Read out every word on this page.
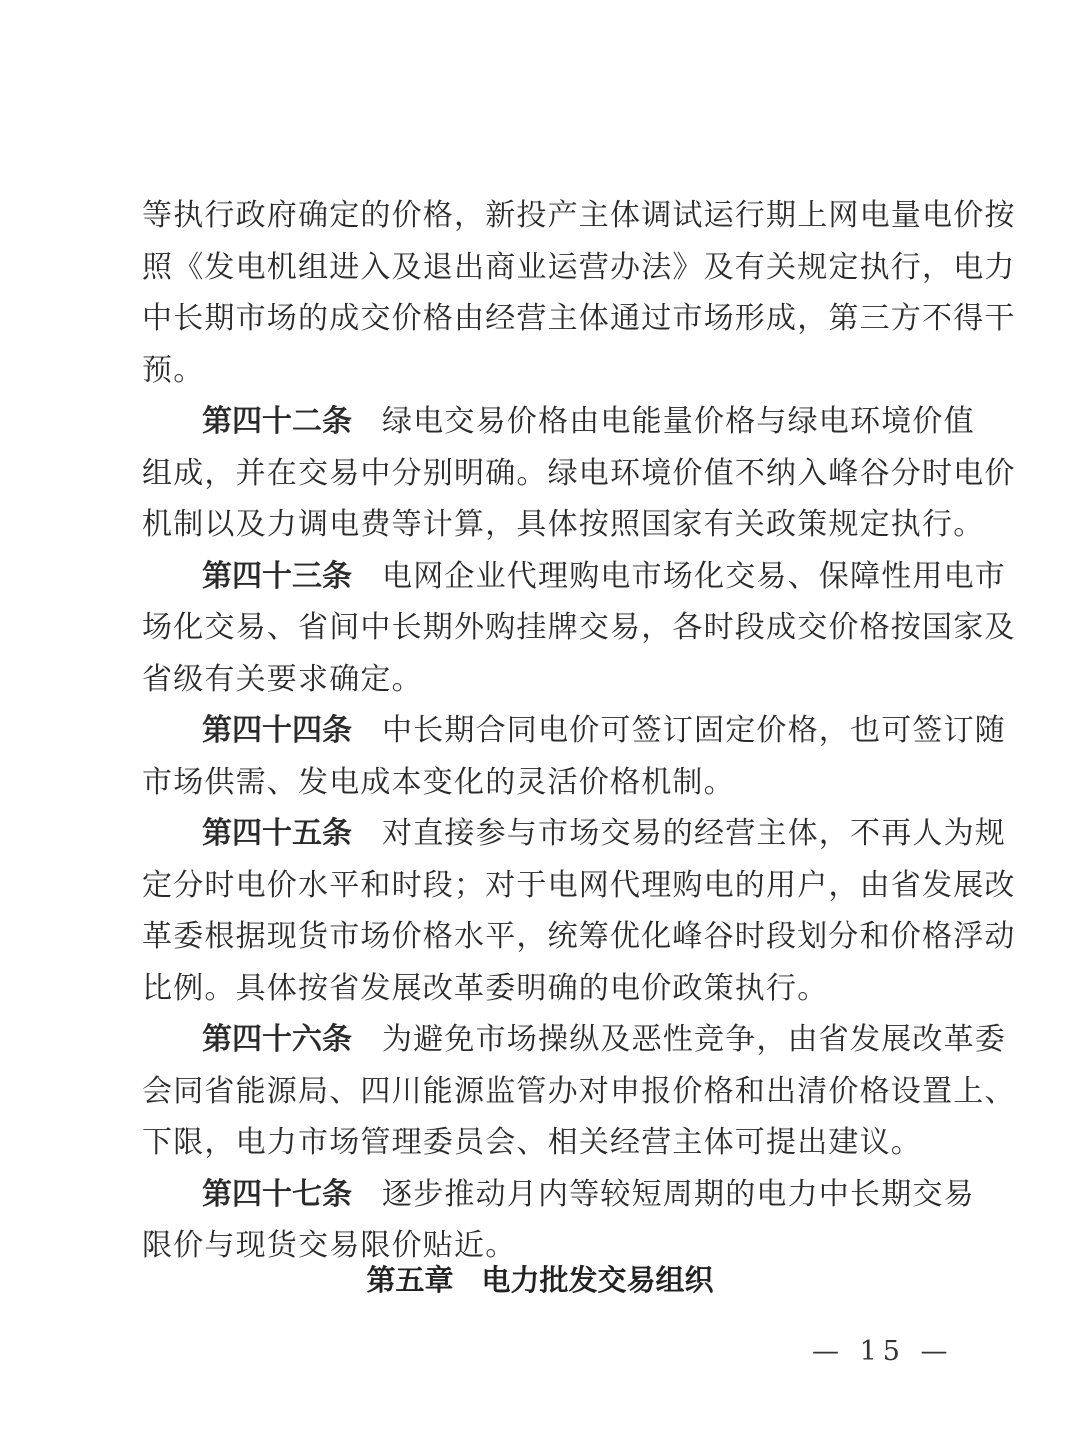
等执行政府确定的价格，新投产主体调试运行期上网电量电价按
照《发电机组进入及退出商业运营办法》及有关规定执行，电力
中长期市场的成交价格由经营主体通过市场形成，第三方不得干
预。
第四十二条 绿电交易价格由电能量价格与绿电环境价值
组成，并在交易中分别明确。绿电环境价值不纳入峰谷分时电价
机制以及力调电费等计算，具体按照国家有关政策规定执行。
第四十三条 电网企业代理购电市场化交易、保障性用电市
场化交易、省间中长期外购挂牌交易，各时段成交价格按国家及
省级有关要求确定。
第四十四条 中长期合同电价可签订固定价格，也可签订随
市场供需、发电成本变化的灵活价格机制。
第四十五条 对直接参与市场交易的经营主体，不再人为规
定分时电价水平和时段；对于电网代理购电的用户，由省发展改
革委根据现货市场价格水平，统筹优化峰谷时段划分和价格浮动
比例。具体按省发展改革委明确的电价政策执行。
第四十六条 为避免市场操纵及恶性竞争，由省发展改革委
会同省能源局、四川能源监管办对申报价格和出清价格设置上、
下限，电力市场管理委员会、相关经营主体可提出建议。
第四十七条 逐步推动月内等较短周期的电力中长期交易
限价与现货交易限价贴近。
第五章 电力批发交易组织
— 15 —
